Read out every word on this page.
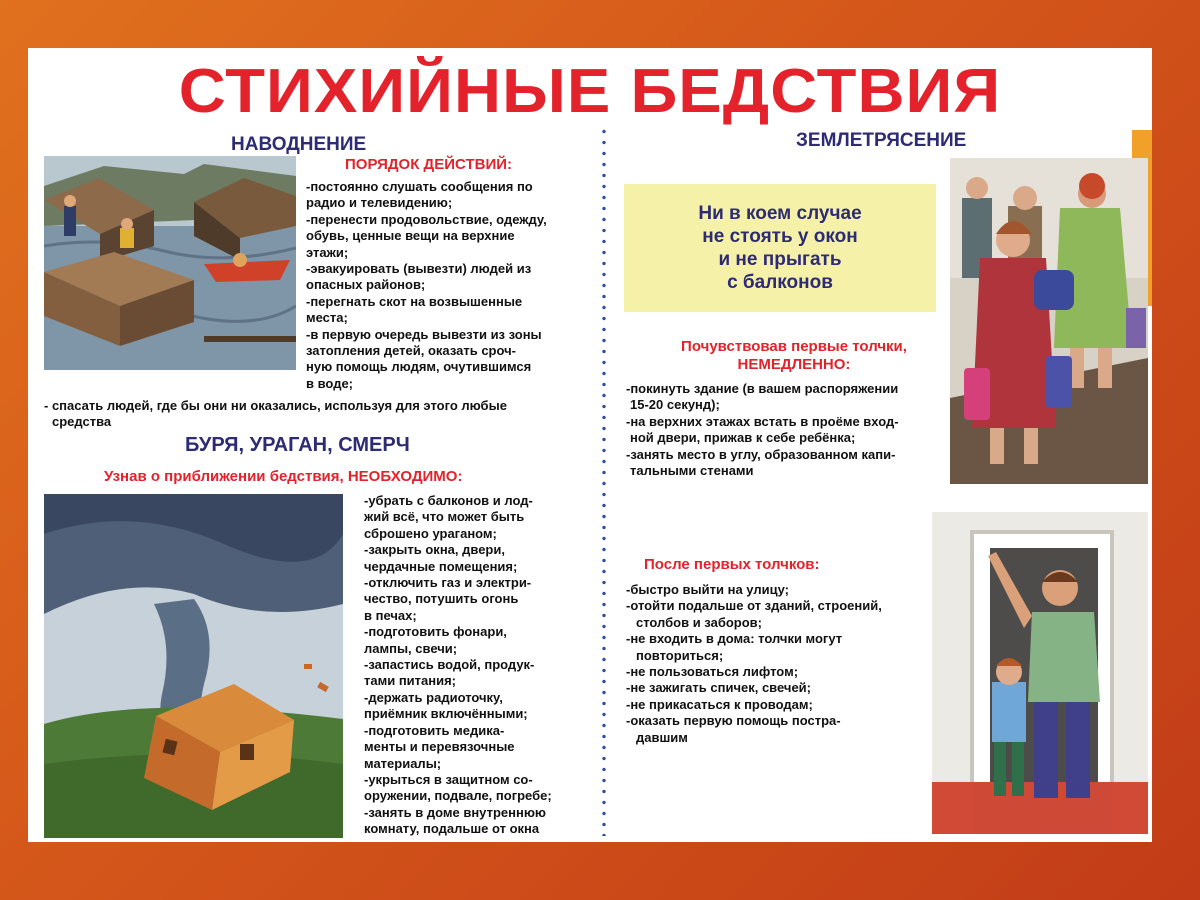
СТИХИЙНЫЕ БЕДСТВИЯ
НАВОДНЕНИЕ
ПОРЯДОК ДЕЙСТВИЙ:
-постоянно слушать сообщения по
радио и телевидению;
-перенести продовольствие, одежду,
обувь, ценные вещи на верхние
этажи;
-эвакуировать (вывезти) людей из
опасных районов;
-перегнать скот на возвышенные
места;
-в первую очередь вывезти из зоны
затопления детей, оказать сроч-
ную помощь людям, очутившимся
в воде;
- спасать людей, где бы они ни оказались, используя для этого любые
средства
БУРЯ, УРАГАН, СМЕРЧ
Узнав о приближении бедствия, НЕОБХОДИМО:
-убрать с балконов и лод-
жий всё, что может быть
сброшено ураганом;
-закрыть окна, двери,
чердачные помещения;
-отключить газ и электри-
чество, потушить огонь
в печах;
-подготовить фонари,
лампы, свечи;
-запастись водой, продук-
тами питания;
-держать радиоточку,
приёмник включёнными;
-подготовить медика-
менты и перевязочные
материалы;
-укрыться в защитном со-
оружении, подвале, погребе;
-занять в доме внутреннюю
комнату, подальше от окна
ЗЕМЛЕТРЯСЕНИЕ
Ни в коем случае
не стоять у окон
и не прыгать
с балконов
Почувствовав первые толчки,
НЕМЕДЛЕННО:
-покинуть здание (в вашем распоряжении
15-20 секунд);
-на верхних этажах встать в проёме вход-
ной двери, прижав к себе ребёнка;
-занять место в углу, образованном капи-
тальными стенами
После первых толчков:
-быстро выйти на улицу;
-отойти подальше от зданий, строений,
столбов и заборов;
-не входить в дома: толчки могут
повториться;
-не пользоваться лифтом;
-не зажигать спичек, свечей;
-не прикасаться к проводам;
-оказать первую помощь постра-
давшим
